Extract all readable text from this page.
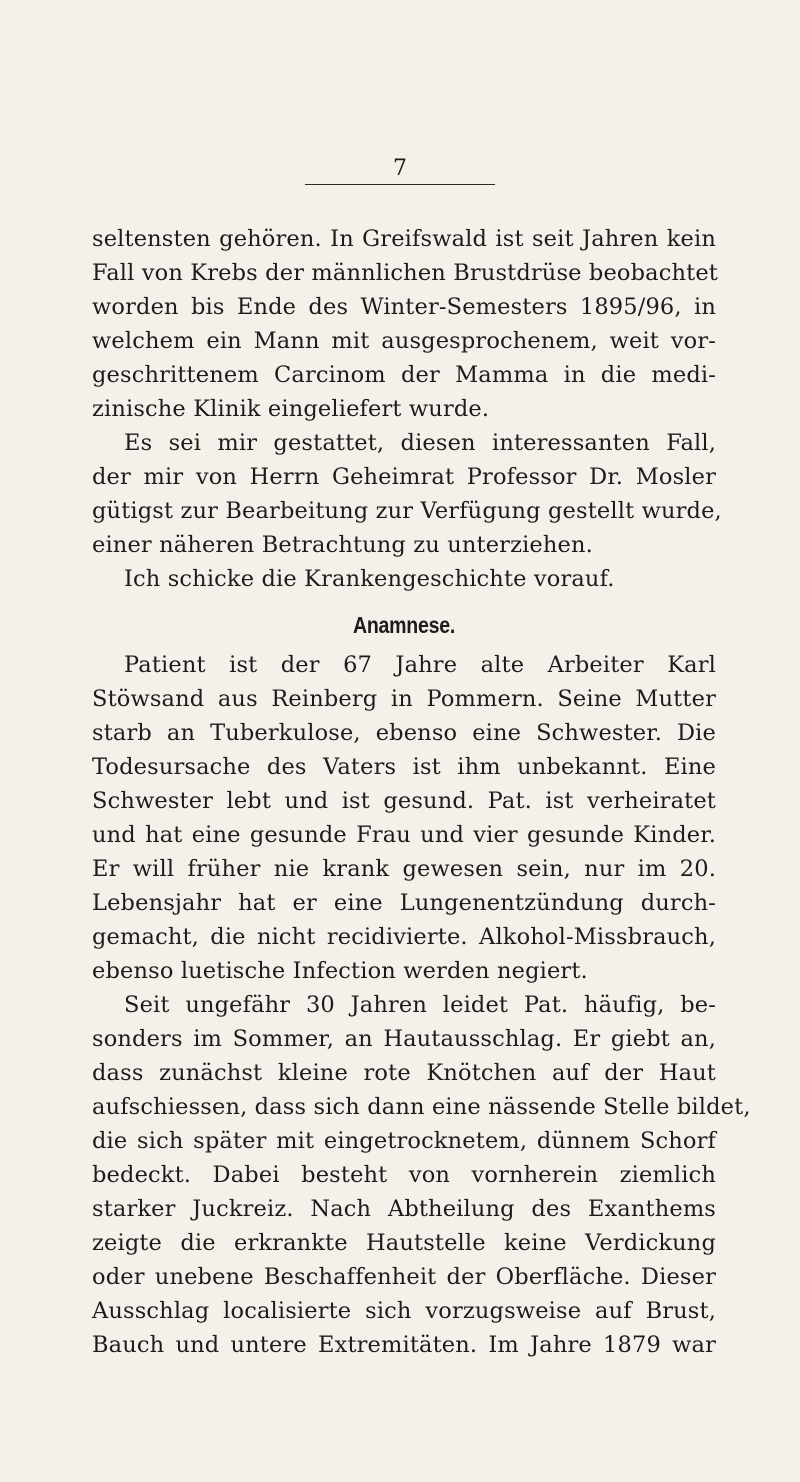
7
seltensten gehören. In Greifswald ist seit Jahren kein
Fall von Krebs der männlichen Brustdrüse beobachtet
worden bis Ende des Winter-Semesters 1895/96, in
welchem ein Mann mit ausgesprochenem, weit vor-
geschrittenem Carcinom der Mamma in die medi-
zinische Klinik eingeliefert wurde.
Es sei mir gestattet, diesen interessanten Fall,
der mir von Herrn Geheimrat Professor Dr. Mosler
gütigst zur Bearbeitung zur Verfügung gestellt wurde,
einer näheren Betrachtung zu unterziehen.
Ich schicke die Krankengeschichte vorauf.
Anamnese.
Patient ist der 67 Jahre alte Arbeiter Karl
Stöwsand aus Reinberg in Pommern. Seine Mutter
starb an Tuberkulose, ebenso eine Schwester. Die
Todesursache des Vaters ist ihm unbekannt. Eine
Schwester lebt und ist gesund. Pat. ist verheiratet
und hat eine gesunde Frau und vier gesunde Kinder.
Er will früher nie krank gewesen sein, nur im 20.
Lebensjahr hat er eine Lungenentzündung durch-
gemacht, die nicht recidivierte. Alkohol-Missbrauch,
ebenso luetische Infection werden negiert.
Seit ungefähr 30 Jahren leidet Pat. häufig, be-
sonders im Sommer, an Hautausschlag. Er giebt an,
dass zunächst kleine rote Knötchen auf der Haut
aufschiessen, dass sich dann eine nässende Stelle bildet,
die sich später mit eingetrocknetem, dünnem Schorf
bedeckt. Dabei besteht von vornherein ziemlich
starker Juckreiz. Nach Abtheilung des Exanthems
zeigte die erkrankte Hautstelle keine Verdickung
oder unebene Beschaffenheit der Oberfläche. Dieser
Ausschlag localisierte sich vorzugsweise auf Brust,
Bauch und untere Extremitäten. Im Jahre 1879 war
